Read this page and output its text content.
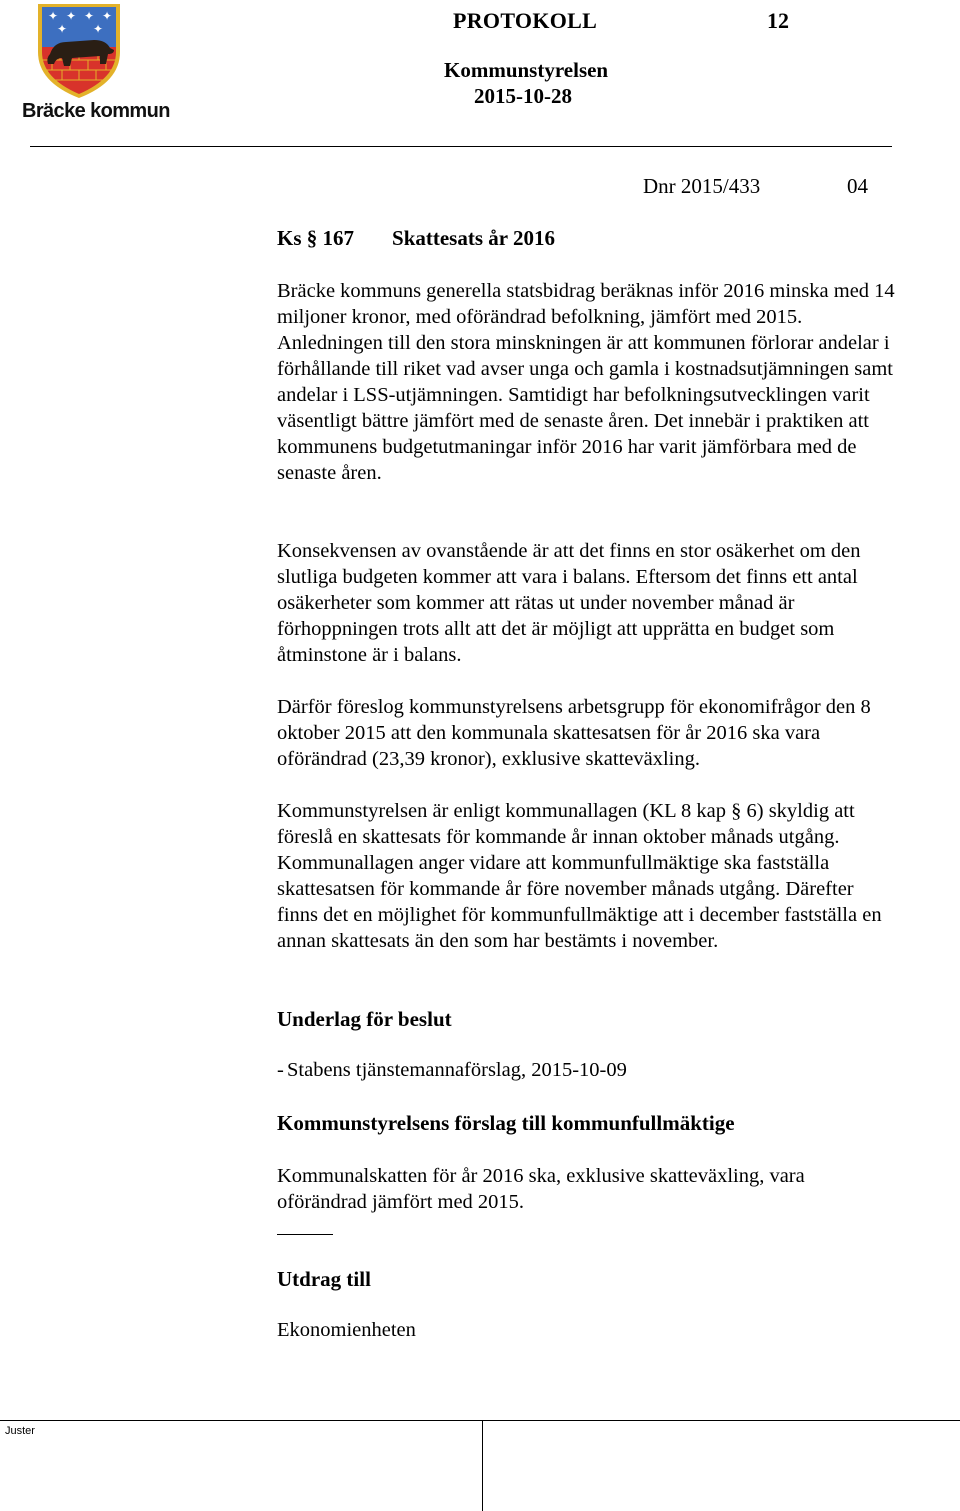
✦ ✦ ✦ ✦
✦ ✦
Bräcke kommun
PROTOKOLL	12
Kommunstyrelsen
2015-10-28
Dnr 2015/433	04
Ks § 167 Skattesats år 2016

Bräcke kommuns generella statsbidrag beräknas inför 2016 minska med 14 miljoner kronor, med oförändrad befolkning, jämfört med 2015. Anledningen till den stora minskningen är att kommunen förlorar andelar i förhållande till riket vad avser unga och gamla i kostnadsutjämningen samt andelar i LSS-utjämningen. Samtidigt har befolkningsutvecklingen varit väsentligt bättre jämfört med de senaste åren. Det innebär i praktiken att kommunens budgetutmaningar inför 2016 har varit jämförbara med de senaste åren.

Konsekvensen av ovanstående är att det finns en stor osäkerhet om den slutliga budgeten kommer att vara i balans. Eftersom det finns ett antal osäkerheter som kommer att rätas ut under november månad är förhoppningen trots allt att det är möjligt att upprätta en budget som åtminstone är i balans.

Därför föreslog kommunstyrelsens arbetsgrupp för ekonomifrågor den 8 oktober 2015 att den kommunala skattesatsen för år 2016 ska vara oförändrad (23,39 kronor), exklusive skatteväxling.

Kommunstyrelsen är enligt kommunallagen (KL 8 kap § 6) skyldig att föreslå en skattesats för kommande år innan oktober månads utgång. Kommunallagen anger vidare att kommunfullmäktige ska fastställa skattesatsen för kommande år före november månads utgång. Därefter finns det en möjlighet för kommunfullmäktige att i december fastställa en annan skattesats än den som har bestämts i november.

Underlag för beslut
- Stabens tjänstemannaförslag, 2015-10-09
Kommunstyrelsens förslag till kommunfullmäktige

Kommunalskatten för år 2016 ska, exklusive skatteväxling, vara oförändrad jämfört med 2015.

Utdrag till
Ekonomienheten
Juster
